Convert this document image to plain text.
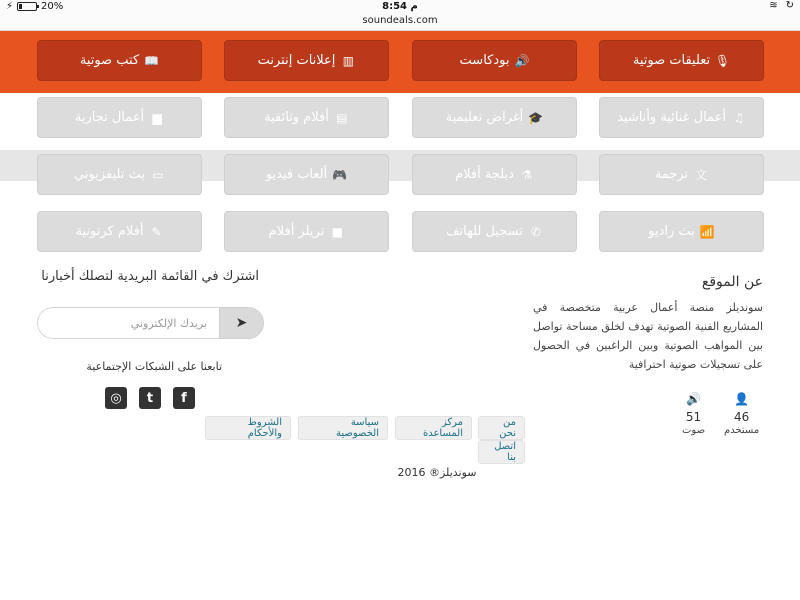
⚡	20%	8:54 م	≋ ↻
soundeals.com
🎙
تعليقات صوتية
🔊
بودكاست
▥
إعلانات إنترنت
📖
كتب صوتية
♫
أعمال غنائية وأناشيد
🎓
أغراض تعليمية
▤
أفلام وثائقية
▆
أعمال تجارية
文
ترجمة
⚗
دبلجة أفلام
🎮
ألعاب فيديو
▭
بث تليفزيوني
📶
بث راديو
✆
تسجيل للهاتف
■
تريلر أفلام
✎
أفلام كرتونية
عن الموقع
سونديلز منصة أعمال عربية متخصصة في المشاريع الفنية الصوتية تهدف لخلق مساحة تواصل بين المواهب الصوتية وبين الراغبين في الحصول على تسجيلات صوتية احترافية
👤
46
مستخدم
🔊
51
صوت
اشترك في القائمة البريدية لتصلك أخبارنا
➤
بريدك الإلكتروني
تابعنا على الشبكات الإجتماعية
◎	t	f
من نحن
مركز المساعدة
سياسة الخصوصية
الشروط والأحكام
اتصل بنا
سونديلز® 2016
